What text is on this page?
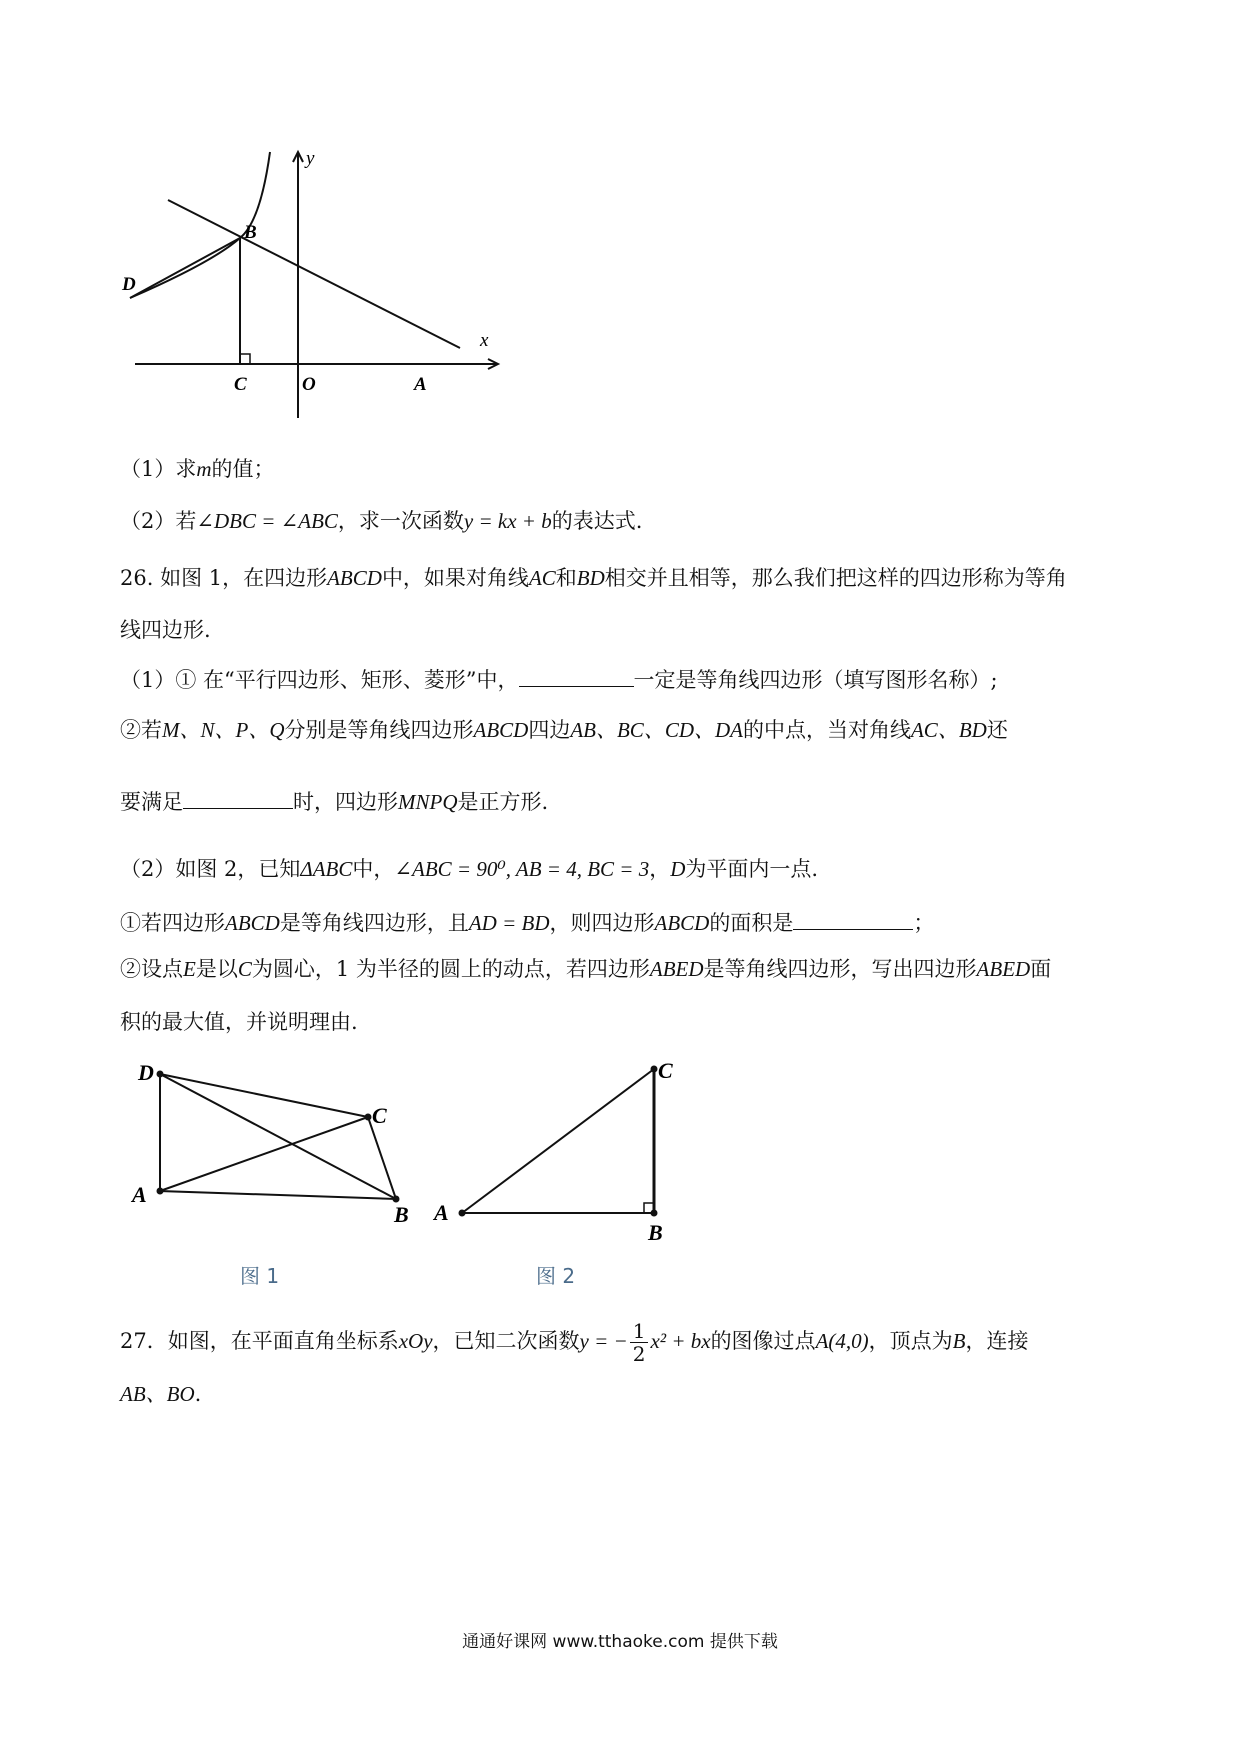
y
x
B
D
C	O	A
（1）求m的值；
（2）若∠DBC = ∠ABC，求一次函数y = kx + b的表达式.
26. 如图 1，在四边形ABCD中，如果对角线AC和BD相交并且相等，那么我们把这样的四边形称为等角
线四边形.
（1）① 在“平行四边形、矩形、菱形”中，	一定是等角线四边形（填写图形名称）;
②若M、N、P、Q分别是等角线四边形ABCD四边AB、BC、CD、DA的中点，当对角线AC、BD还
要满足	时，四边形MNPQ是正方形.
（2）如图 2，已知ΔABC中，∠ABC = 90⁰, AB = 4, BC = 3，D为平面内一点.
①若四边形ABCD是等角线四边形，且AD = BD，则四边形ABCD的面积是	；
②设点E是以C为圆心，1 为半径的圆上的动点，若四边形ABED是等角线四边形，写出四边形ABED面
积的最大值，并说明理由.
D
C
A
B
图 1
C
A
B
图 2
27．如图，在平面直角坐标系xOy，已知二次函数y = − $\frac{1}{2} x^2$ + bx的图像过点A(4,0)，顶点为B，连接
AB、BO.
通通好课网 www.tthaoke.com 提供下载
